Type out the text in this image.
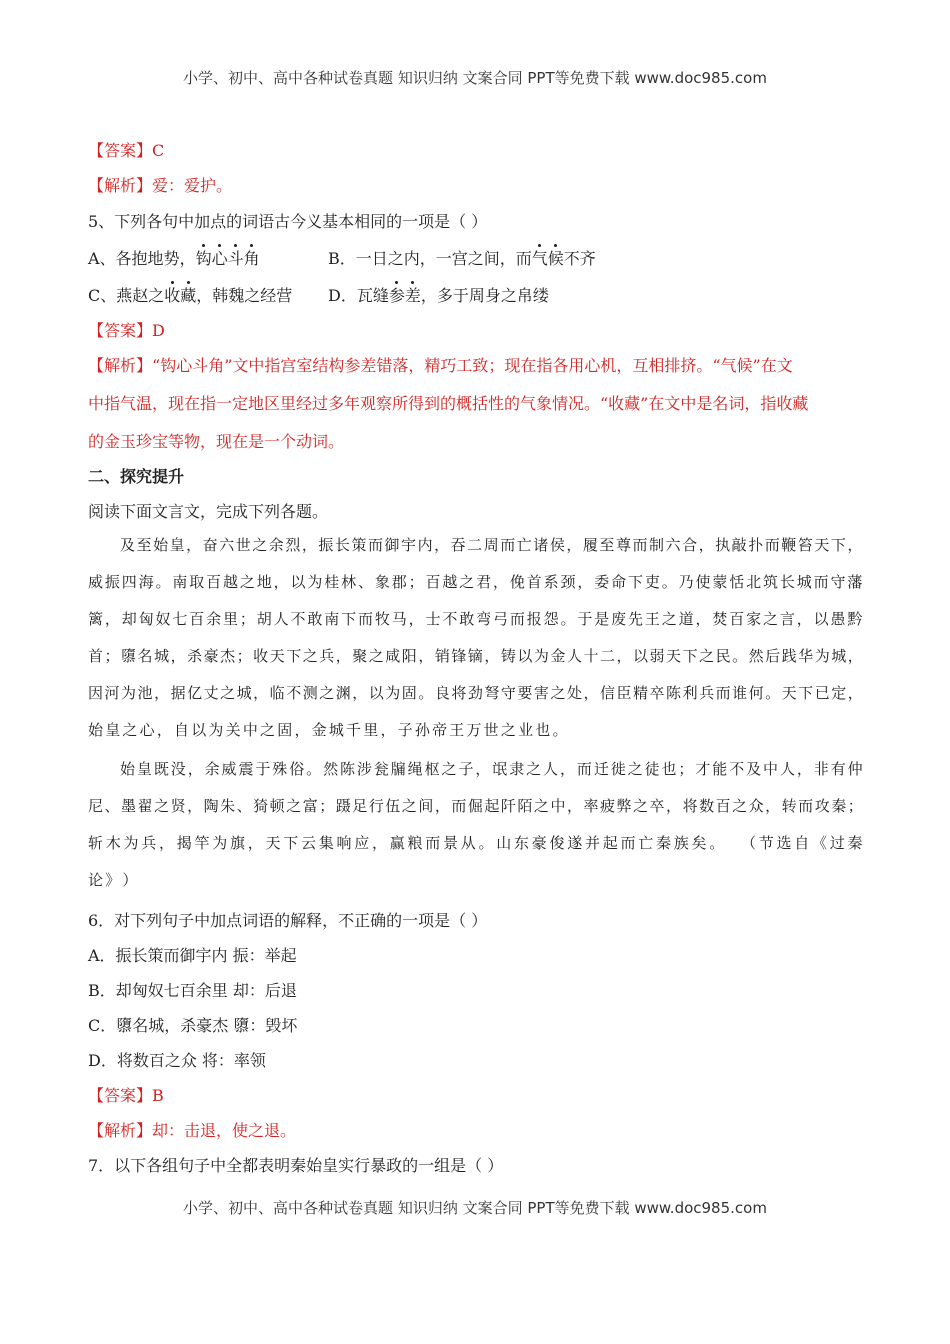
小学、初中、高中各种试卷真题 知识归纳 文案合同 PPT等免费下载 www.doc985.com
【答案】C
【解析】爱：爱护。
5、下列各句中加点的词语古今义基本相同的一项是（ ）
A、各抱地势，钩心斗角	B．一日之内，一宫之间，而气候不齐
C、燕赵之收藏，韩魏之经营 D．瓦缝参差，多于周身之帛缕
【答案】D
【解析】“钩心斗角”文中指宫室结构参差错落，精巧工致；现在指各用心机，互相排挤。“气候”在文
中指气温，现在指一定地区里经过多年观察所得到的概括性的气象情况。“收藏”在文中是名词，指收藏
的金玉珍宝等物，现在是一个动词。
二、探究提升
阅读下面文言文，完成下列各题。
及 至 始 皇 ， 奋 六 世 之 余 烈 ， 振 长 策 而 御 宇 内 ， 吞 二 周 而 亡 诸 侯 ， 履 至 尊 而 制 六 合 ， 执 敲 扑 而 鞭 笞 天 下 ，
威 振 四 海 。 南 取 百 越 之 地 ， 以 为 桂 林 、 象 郡 ； 百 越 之 君 ， 俛 首 系 颈 ， 委 命 下 吏 。 乃 使 蒙 恬 北 筑 长 城 而 守 藩
篱 ， 却 匈 奴 七 百 余 里 ； 胡 人 不 敢 南 下 而 牧 马 ， 士 不 敢 弯 弓 而 报 怨 。 于 是 废 先 王 之 道 ， 焚 百 家 之 言 ， 以 愚 黔
首 ； 隳 名 城 ， 杀 豪 杰 ； 收 天 下 之 兵 ， 聚 之 咸 阳 ， 销 锋 镝 ， 铸 以 为 金 人 十 二 ， 以 弱 天 下 之 民 。 然 后 践 华 为 城 ，
因 河 为 池 ， 据 亿 丈 之 城 ， 临 不 测 之 渊 ， 以 为 固 。 良 将 劲 弩 守 要 害 之 处 ， 信 臣 精 卒 陈 利 兵 而 谁 何 。 天 下 已 定 ，
始 皇 之 心 ， 自 以 为 关 中 之 固 ， 金 城 千 里 ， 子 孙 帝 王 万 世 之 业 也 。
始 皇 既 没 ， 余 威 震 于 殊 俗 。 然 陈 涉 瓮 牖 绳 枢 之 子 ， 氓 隶 之 人 ， 而 迁 徙 之 徒 也 ； 才 能 不 及 中 人 ， 非 有 仲
尼 、 墨 翟 之 贤 ， 陶 朱 、 猗 顿 之 富 ； 蹑 足 行 伍 之 间 ， 而 倔 起 阡 陌 之 中 ， 率 疲 弊 之 卒 ， 将 数 百 之 众 ， 转 而 攻 秦 ；
斩 木 为 兵 ， 揭 竿 为 旗 ， 天 下 云 集 响 应 ， 赢 粮 而 景 从 。 山 东 豪 俊 遂 并 起 而 亡 秦 族 矣 。 （ 节 选 自 《 过 秦
论 》 ）
6．对下列句子中加点词语的解释，不正确的一项是（ ）
A．振长策而御宇内 振：举起
B．却匈奴七百余里 却：后退
C．隳名城，杀豪杰 隳：毁坏
D．将数百之众 将：率领
【答案】B
【解析】却：击退，使之退。
7．以下各组句子中全都表明秦始皇实行暴政的一组是（ ）
小学、初中、高中各种试卷真题 知识归纳 文案合同 PPT等免费下载 www.doc985.com
